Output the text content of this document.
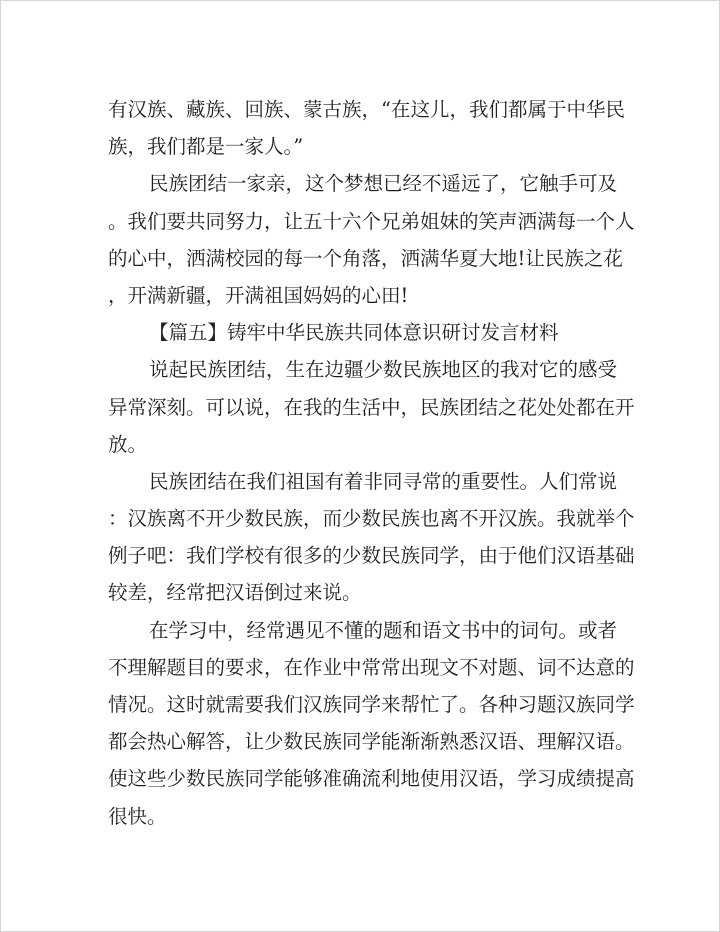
有汉族、藏族、回族、蒙古族，“在这儿，我们都属于中华民
族，我们都是一家人。”
民族团结一家亲，这个梦想已经不遥远了，它触手可及
。我们要共同努力，让五十六个兄弟姐妹的笑声洒满每一个人
的心中，洒满校园的每一个角落，洒满华夏大地!让民族之花
，开满新疆，开满祖国妈妈的心田!
【篇五】铸牢中华民族共同体意识研讨发言材料
说起民族团结，生在边疆少数民族地区的我对它的感受
异常深刻。可以说，在我的生活中，民族团结之花处处都在开
放。
民族团结在我们祖国有着非同寻常的重要性。人们常说
：汉族离不开少数民族，而少数民族也离不开汉族。我就举个
例子吧：我们学校有很多的少数民族同学，由于他们汉语基础
较差，经常把汉语倒过来说。
在学习中，经常遇见不懂的题和语文书中的词句。或者
不理解题目的要求，在作业中常常出现文不对题、词不达意的
情况。这时就需要我们汉族同学来帮忙了。各种习题汉族同学
都会热心解答，让少数民族同学能渐渐熟悉汉语、理解汉语。
使这些少数民族同学能够准确流利地使用汉语，学习成绩提高
很快。
